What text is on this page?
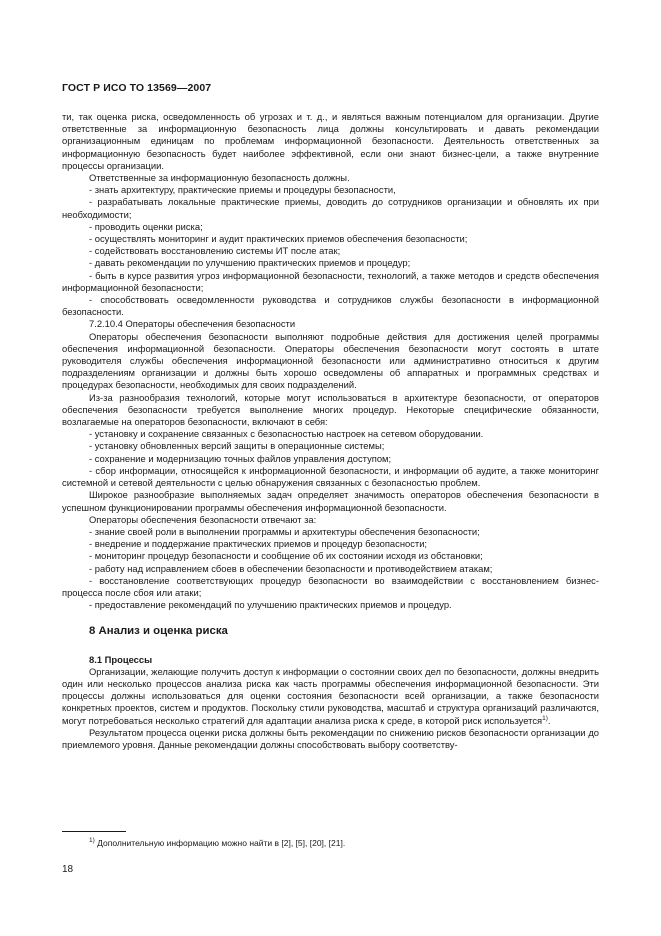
ГОСТ Р ИСО ТО 13569—2007

ти, так оценка риска, осведомленность об угрозах и т. д., и являться важным потенциалом для организации. Другие ответственные за информационную безопасность лица должны консультировать и давать рекомендации организационным единицам по проблемам информационной безопасности. Деятельность ответственных за информационную безопасность будет наиболее эффективной, если они знают бизнес-цели, а также внутренние процессы организации.

Ответственные за информационную безопасность должны.

- знать архитектуру, практические приемы и процедуры безопасности,

- разрабатывать локальные практические приемы, доводить до сотрудников организации и обновлять их при необходимости;

- проводить оценки риска;

- осуществлять мониторинг и аудит практических приемов обеспечения безопасности;

- содействовать восстановлению системы ИТ после атак;

- давать рекомендации по улучшению практических приемов и процедур;

- быть в курсе развития угроз информационной безопасности, технологий, а также методов и средств обеспечения информационной безопасности;

- способствовать осведомленности руководства и сотрудников службы безопасности в информационной безопасности.

7.2.10.4 Операторы обеспечения безопасности

Операторы обеспечения безопасности выполняют подробные действия для достижения целей программы обеспечения информационной безопасности. Операторы обеспечения безопасности могут состоять в штате руководителя службы обеспечения информационной безопасности или административно относиться к другим подразделениям организации и должны быть хорошо осведомлены об аппаратных и программных средствах и процедурах безопасности, необходимых для своих подразделений.

Из-за разнообразия технологий, которые могут использоваться в архитектуре безопасности, от операторов обеспечения безопасности требуется выполнение многих процедур. Некоторые специфические обязанности, возлагаемые на операторов безопасности, включают в себя:

- установку и сохранение связанных с безопасностью настроек на сетевом оборудовании.

- установку обновленных версий защиты в операционные системы;

- сохранение и модернизацию точных файлов управления доступом;

- сбор информации, относящейся к информационной безопасности, и информации об аудите, а также мониторинг системной и сетевой деятельности с целью обнаружения связанных с безопасностью проблем.

Широкое разнообразие выполняемых задач определяет значимость операторов обеспечения безопасности в успешном функционировании программы обеспечения информационной безопасности.

Операторы обеспечения безопасности отвечают за:

- знание своей роли в выполнении программы и архитектуры обеспечения безопасности;

- внедрение и поддержание практических приемов и процедур безопасности;

- мониторинг процедур безопасности и сообщение об их состоянии исходя из обстановки;

- работу над исправлением сбоев в обеспечении безопасности и противодействием атакам;

- восстановление соответствующих процедур безопасности во взаимодействии с восстановлением бизнес-процесса после сбоя или атаки;

- предоставление рекомендаций по улучшению практических приемов и процедур.

8 Анализ и оценка риска

8.1 Процессы

Организации, желающие получить доступ к информации о состоянии своих дел по безопасности, должны внедрить один или несколько процессов анализа риска как часть программы обеспечения информационной безопасности. Эти процессы должны использоваться для оценки состояния безопасности всей организации, а также безопасности конкретных проектов, систем и продуктов. Поскольку стили руководства, масштаб и структура организаций различаются, могут потребоваться несколько стратегий для адаптации анализа риска к среде, в которой риск используется$^{1)}$.

Результатом процесса оценки риска должны быть рекомендации по снижению рисков безопасности организации до приемлемого уровня. Данные рекомендации должны способствовать выбору соответству-

$^{1)}$ Дополнительную информацию можно найти в [2], [5], [20], [21].
18
